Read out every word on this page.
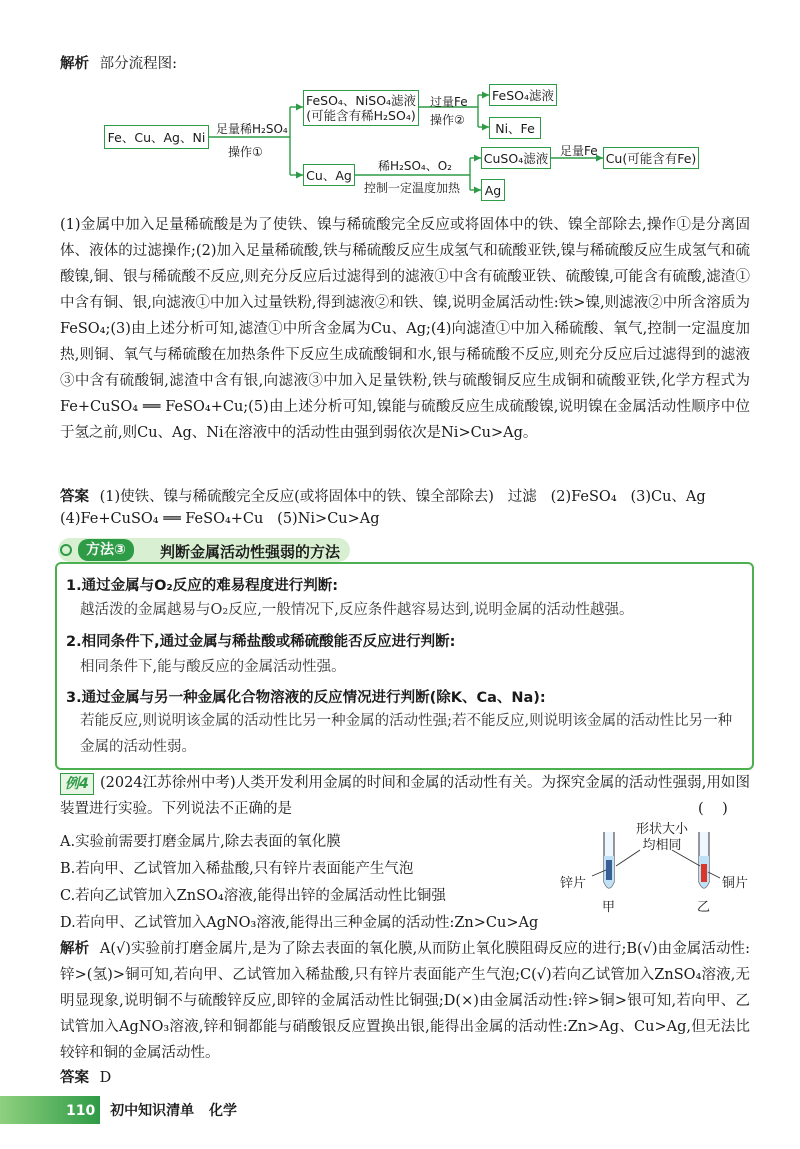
解析 部分流程图:
Fe、Cu、Ag、Ni
足量稀H₂SO₄
操作①
FeSO₄、NiSO₄滤液
(可能含有稀H₂SO₄)
过量Fe
操作②
FeSO₄滤液
Ni、Fe
Cu、Ag
稀H₂SO₄、O₂
控制一定温度加热
CuSO₄滤液
Ag
足量Fe Cu(可能含有Fe)
(1)金属中加入足量稀硫酸是为了使铁、镍与稀硫酸完全反应或将固体中的铁、镍全部除去,操作①是分离固体、液体的过滤操作;(2)加入足量稀硫酸,铁与稀硫酸反应生成氢气和硫酸亚铁,镍与稀硫酸反应生成氢气和硫酸镍,铜、银与稀硫酸不反应,则充分反应后过滤得到的滤液①中含有硫酸亚铁、硫酸镍,可能含有硫酸,滤渣①中含有铜、银,向滤液①中加入过量铁粉,得到滤液②和铁、镍,说明金属活动性:铁>镍,则滤液②中所含溶质为FeSO₄;(3)由上述分析可知,滤渣①中所含金属为Cu、Ag;(4)向滤渣①中加入稀硫酸、氧气,控制一定温度加热,则铜、氧气与稀硫酸在加热条件下反应生成硫酸铜和水,银与稀硫酸不反应,则充分反应后过滤得到的滤液③中含有硫酸铜,滤渣中含有银,向滤液③中加入足量铁粉,铁与硫酸铜反应生成铜和硫酸亚铁,化学方程式为Fe+CuSO₄ ══ FeSO₄+Cu;(5)由上述分析可知,镍能与硫酸反应生成硫酸镍,说明镍在金属活动性顺序中位于氢之前,则Cu、Ag、Ni在溶液中的活动性由强到弱依次是Ni>Cu>Ag。
答案 (1)使铁、镍与稀硫酸完全反应(或将固体中的铁、镍全部除去)   过滤   (2)FeSO₄   (3)Cu、Ag
(4)Fe+CuSO₄ ══ FeSO₄+Cu   (5)Ni>Cu>Ag
方法③	判断金属活动性强弱的方法
1.通过金属与O₂反应的难易程度进行判断:
越活泼的金属越易与O₂反应,一般情况下,反应条件越容易达到,说明金属的活动性越强。
2.相同条件下,通过金属与稀盐酸或稀硫酸能否反应进行判断:
相同条件下,能与酸反应的金属活动性强。
3.通过金属与另一种金属化合物溶液的反应情况进行判断(除K、Ca、Na):
若能反应,则说明该金属的活动性比另一种金属的活动性强;若不能反应,则说明该金属的活动性比另一种金属的活动性弱。
例4 (2024江苏徐州中考)人类开发利用金属的时间和金属的活动性有关。为探究金属的活动性强弱,用如图装置进行实验。下列说法不正确的是	(    )
A.实验前需要打磨金属片,除去表面的氧化膜
B.若向甲、乙试管加入稀盐酸,只有锌片表面能产生气泡
C.若向乙试管加入ZnSO₄溶液,能得出锌的金属活动性比铜强
D.若向甲、乙试管加入AgNO₃溶液,能得出三种金属的活动性:Zn>Cu>Ag
形状大小
均相同
锌片	铜片
甲	乙
解析 A(√)实验前打磨金属片,是为了除去表面的氧化膜,从而防止氧化膜阻碍反应的进行;B(√)由金属活动性:锌>(氢)>铜可知,若向甲、乙试管加入稀盐酸,只有锌片表面能产生气泡;C(√)若向乙试管加入ZnSO₄溶液,无明显现象,说明铜不与硫酸锌反应,即锌的金属活动性比铜强;D(×)由金属活动性:锌>铜>银可知,若向甲、乙试管加入AgNO₃溶液,锌和铜都能与硝酸银反应置换出银,能得出金属的活动性:Zn>Ag、Cu>Ag,但无法比较锌和铜的金属活动性。
答案 D
110 初中知识清单 化学
